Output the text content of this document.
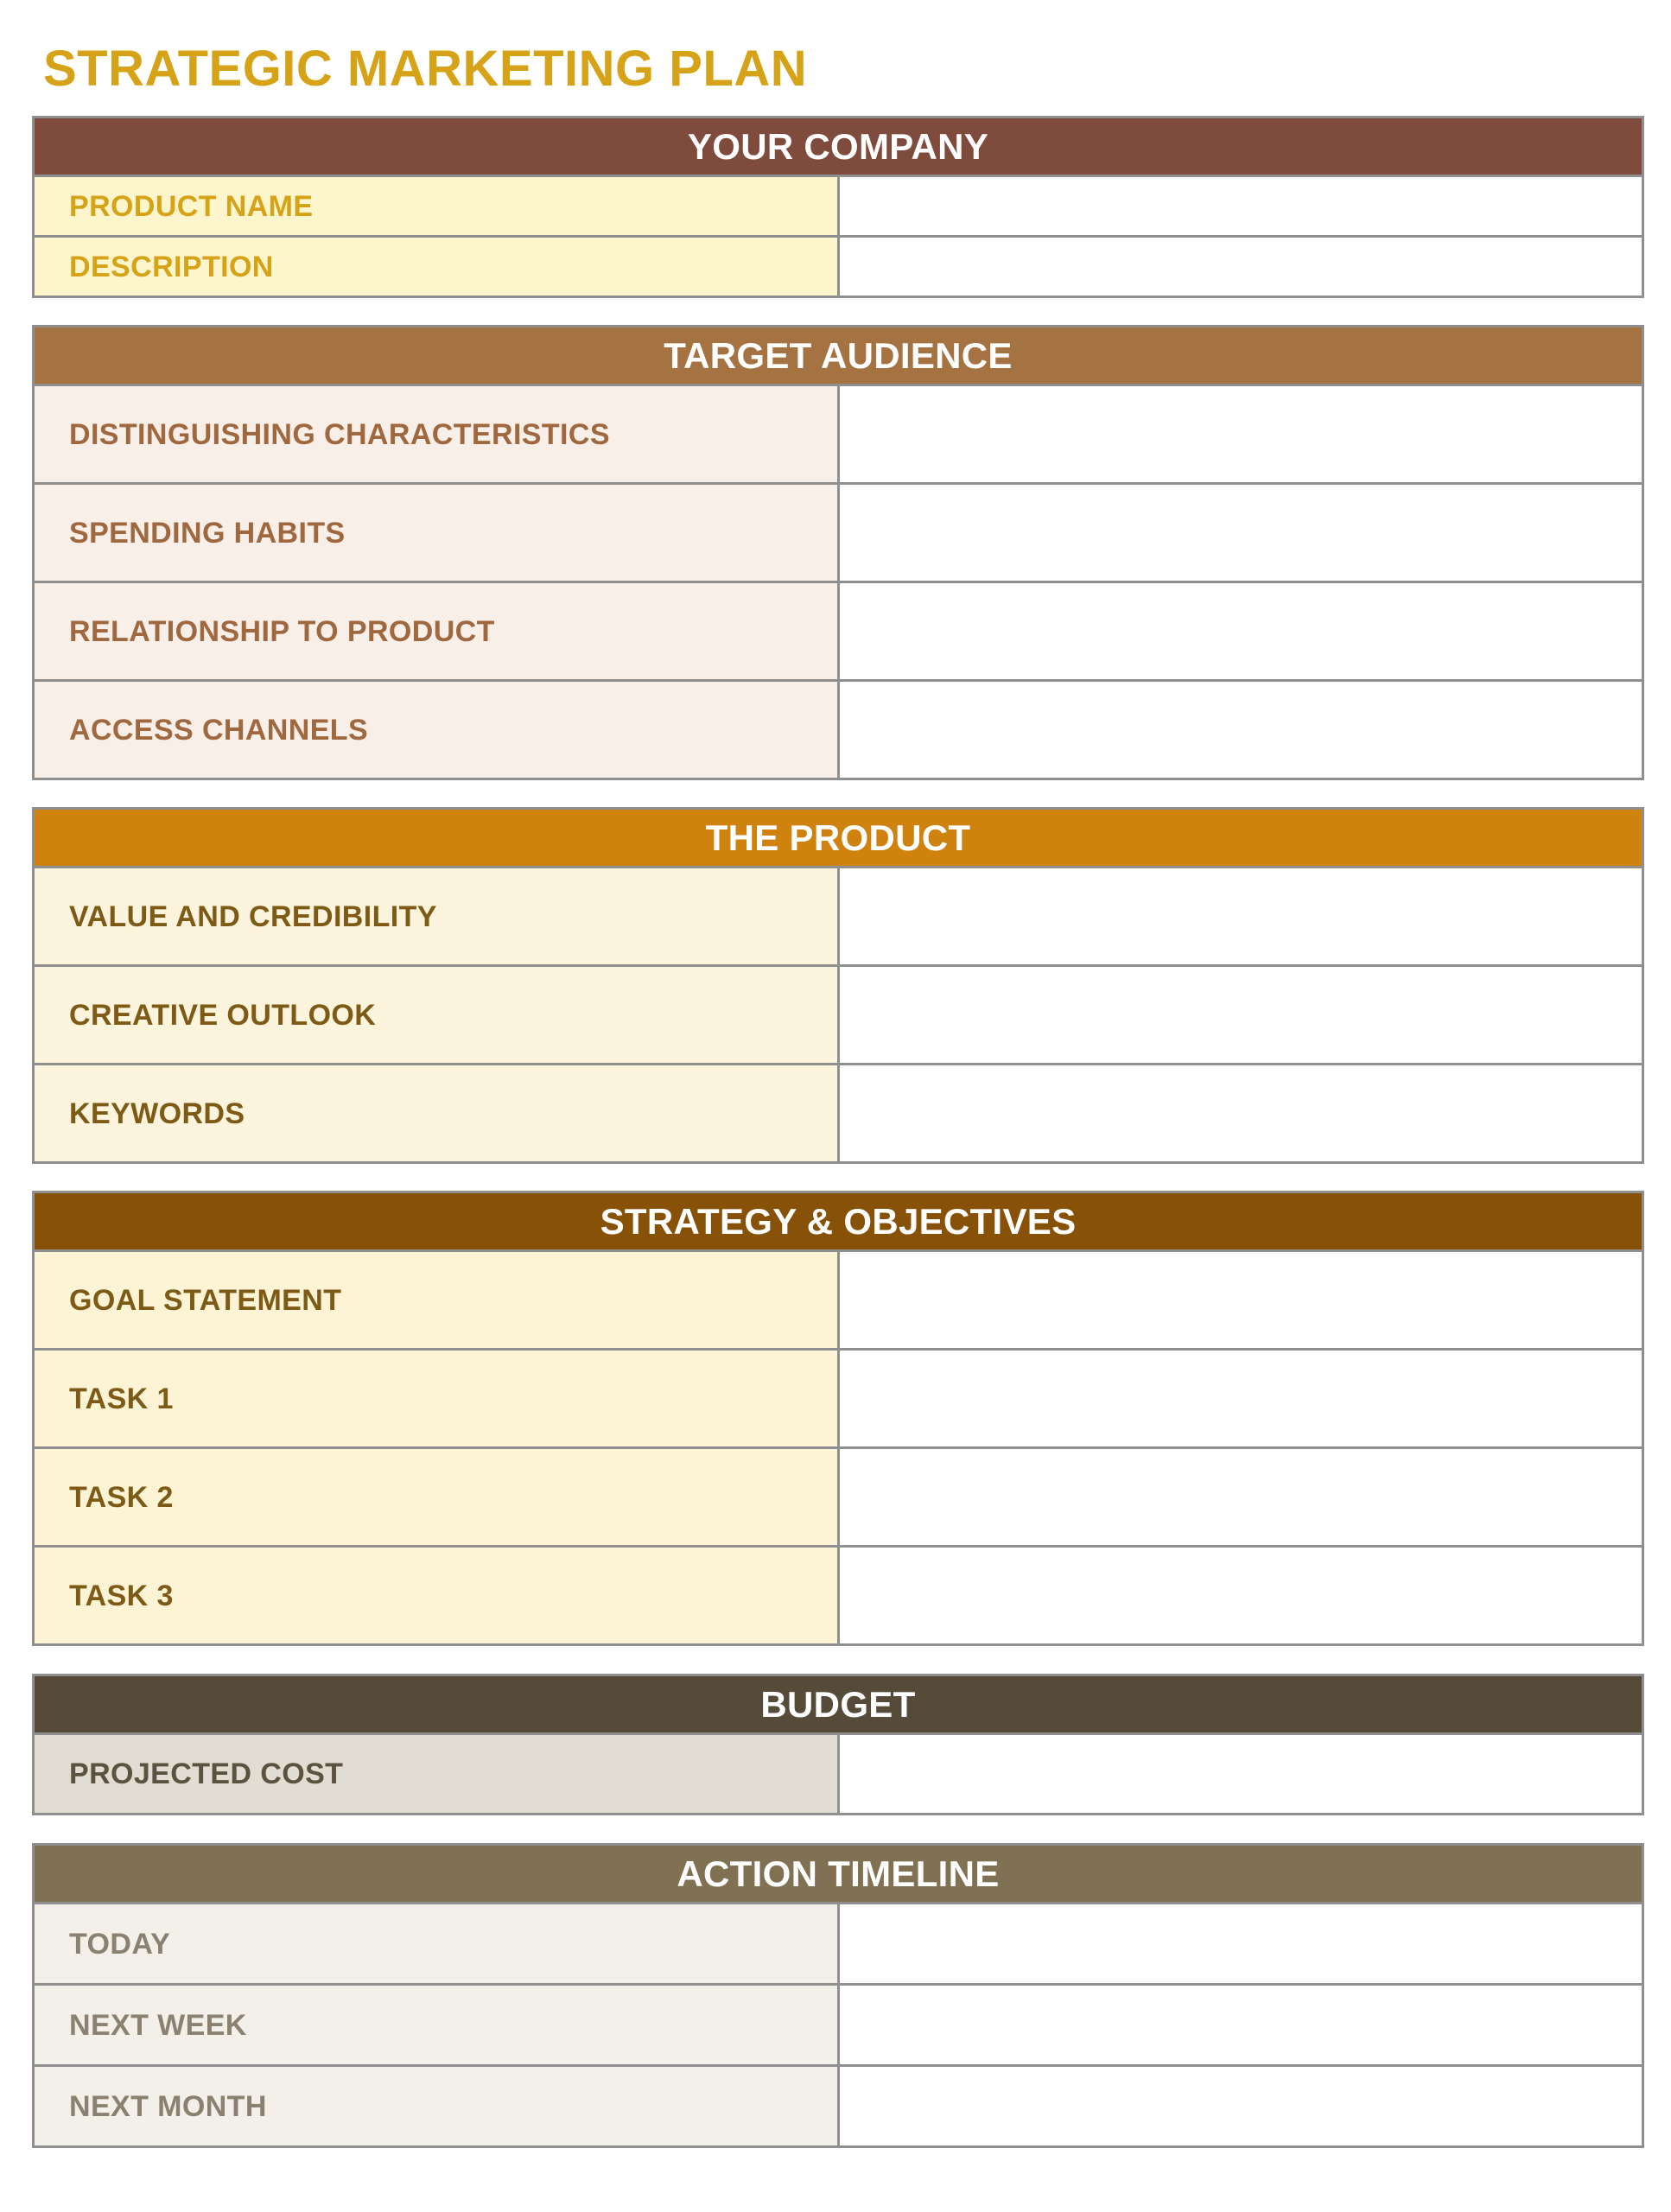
STRATEGIC MARKETING PLAN
YOUR COMPANY	
PRODUCT NAME	
DESCRIPTION	
TARGET AUDIENCE	
DISTINGUISHING CHARACTERISTICS	
SPENDING HABITS	
RELATIONSHIP TO PRODUCT	
ACCESS CHANNELS	
THE PRODUCT	
VALUE AND CREDIBILITY	
CREATIVE OUTLOOK	
KEYWORDS	
STRATEGY & OBJECTIVES	
GOAL STATEMENT	
TASK 1	
TASK 2	
TASK 3	
BUDGET
PROJECTED COST	
ACTION TIMELINE	
TODAY	
NEXT WEEK	
NEXT MONTH	
